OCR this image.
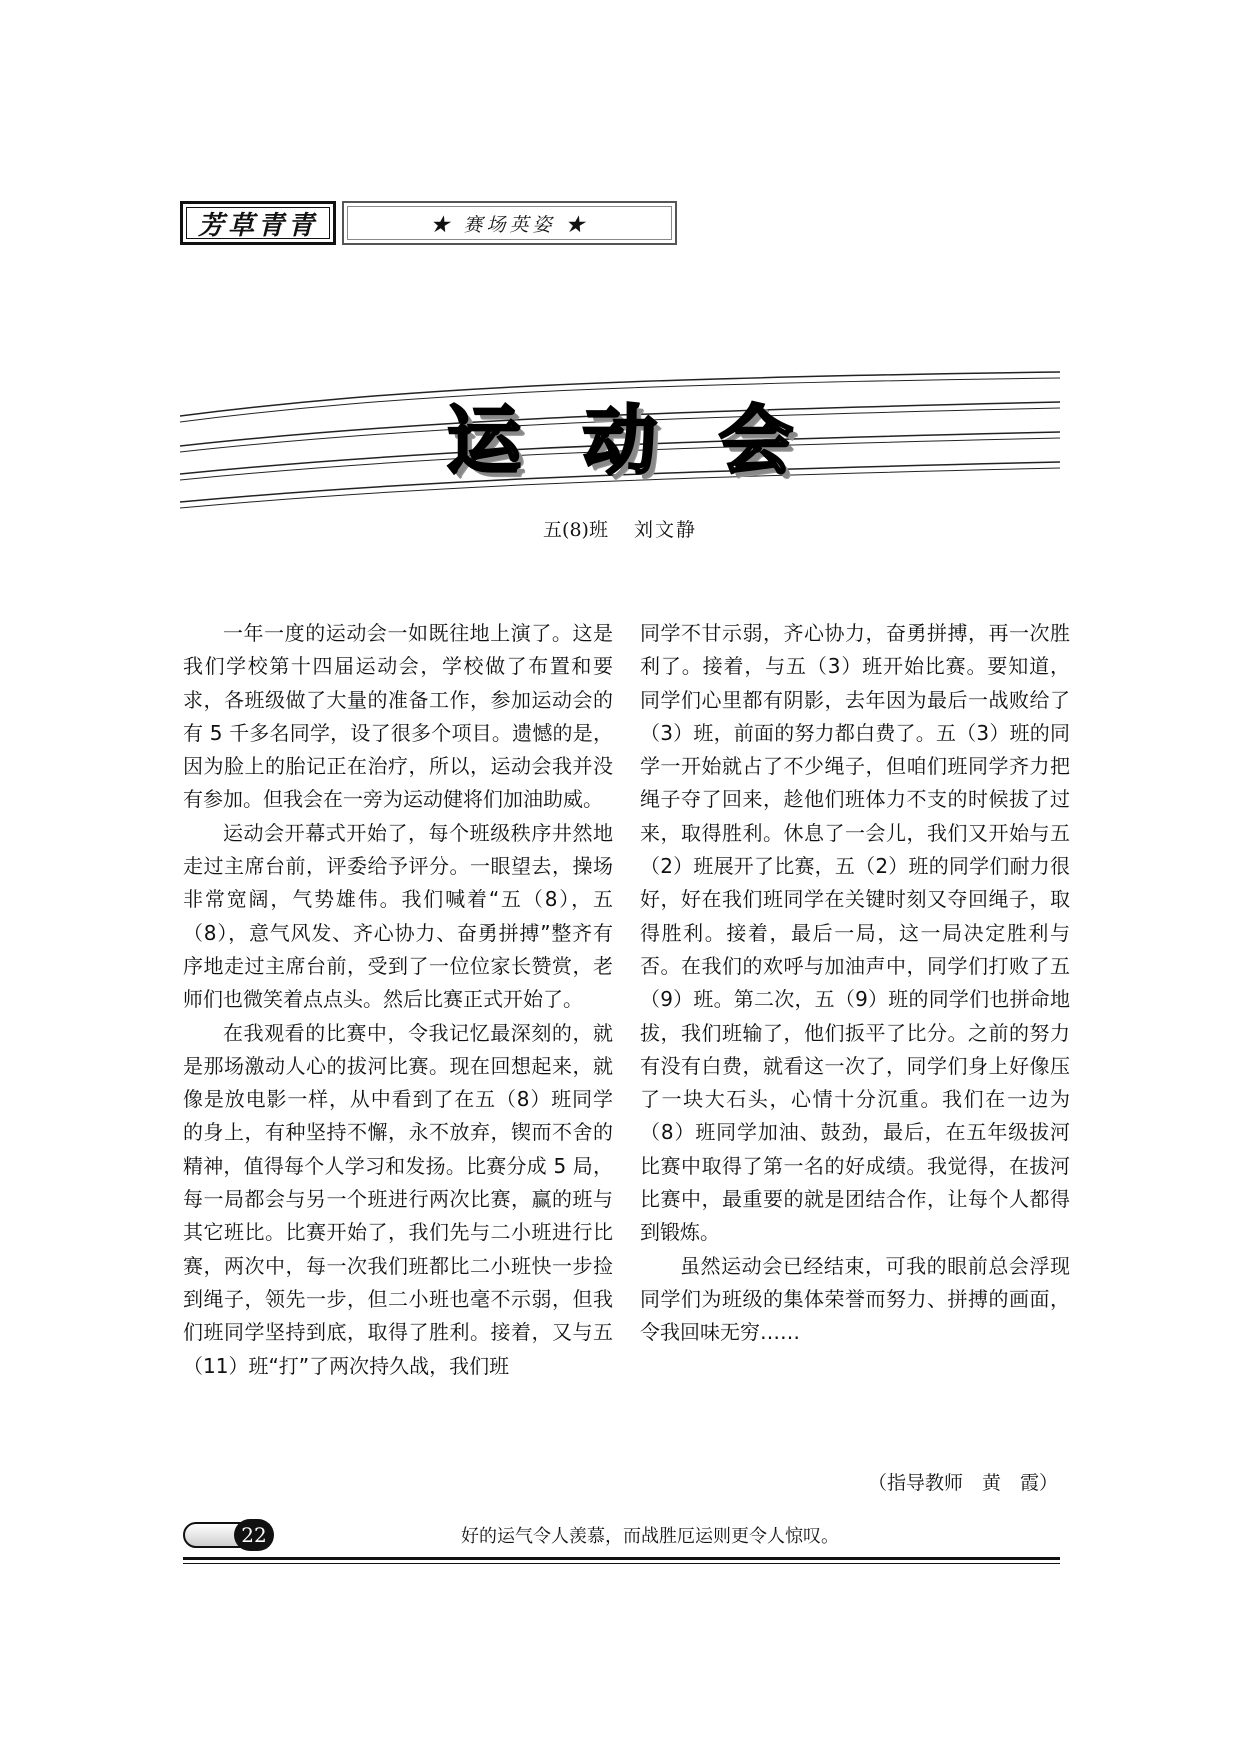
芳草青青	★ 赛场英姿 ★
运动会
五(8)班 刘文静

一年一度的运动会一如既往地上演了。这是我们学校第十四届运动会，学校做了布置和要求，各班级做了大量的准备工作，参加运动会的有 5 千多名同学，设了很多个项目。遗憾的是，因为脸上的胎记正在治疗，所以，运动会我并没有参加。但我会在一旁为运动健将们加油助威。

运动会开幕式开始了，每个班级秩序井然地走过主席台前，评委给予评分。一眼望去，操场非常宽阔，气势雄伟。我们喊着“五（8），五（8），意气风发、齐心协力、奋勇拼搏”整齐有序地走过主席台前，受到了一位位家长赞赏，老师们也微笑着点点头。然后比赛正式开始了。

在我观看的比赛中，令我记忆最深刻的，就是那场激动人心的拔河比赛。现在回想起来，就像是放电影一样，从中看到了在五（8）班同学的身上，有种坚持不懈，永不放弃，锲而不舍的精神，值得每个人学习和发扬。比赛分成 5 局，每一局都会与另一个班进行两次比赛，赢的班与其它班比。比赛开始了，我们先与二小班进行比赛，两次中，每一次我们班都比二小班快一步捡到绳子，领先一步，但二小班也毫不示弱，但我们班同学坚持到底，取得了胜利。接着，又与五（11）班“打”了两次持久战，我们班

同学不甘示弱，齐心协力，奋勇拼搏，再一次胜利了。接着，与五（3）班开始比赛。要知道，同学们心里都有阴影，去年因为最后一战败给了（3）班，前面的努力都白费了。五（3）班的同学一开始就占了不少绳子，但咱们班同学齐力把绳子夺了回来，趁他们班体力不支的时候拔了过来，取得胜利。休息了一会儿，我们又开始与五（2）班展开了比赛，五（2）班的同学们耐力很好，好在我们班同学在关键时刻又夺回绳子，取得胜利。接着，最后一局，这一局决定胜利与否。在我们的欢呼与加油声中，同学们打败了五（9）班。第二次，五（9）班的同学们也拼命地拔，我们班输了，他们扳平了比分。之前的努力有没有白费，就看这一次了，同学们身上好像压了一块大石头，心情十分沉重。我们在一边为（8）班同学加油、鼓劲，最后，在五年级拔河比赛中取得了第一名的好成绩。我觉得，在拔河比赛中，最重要的就是团结合作，让每个人都得到锻炼。

虽然运动会已经结束，可我的眼前总会浮现同学们为班级的集体荣誉而努力、拼搏的画面，令我回味无穷……

（指导教师　黄　霞）
22	好的运气令人羡慕，而战胜厄运则更令人惊叹。
